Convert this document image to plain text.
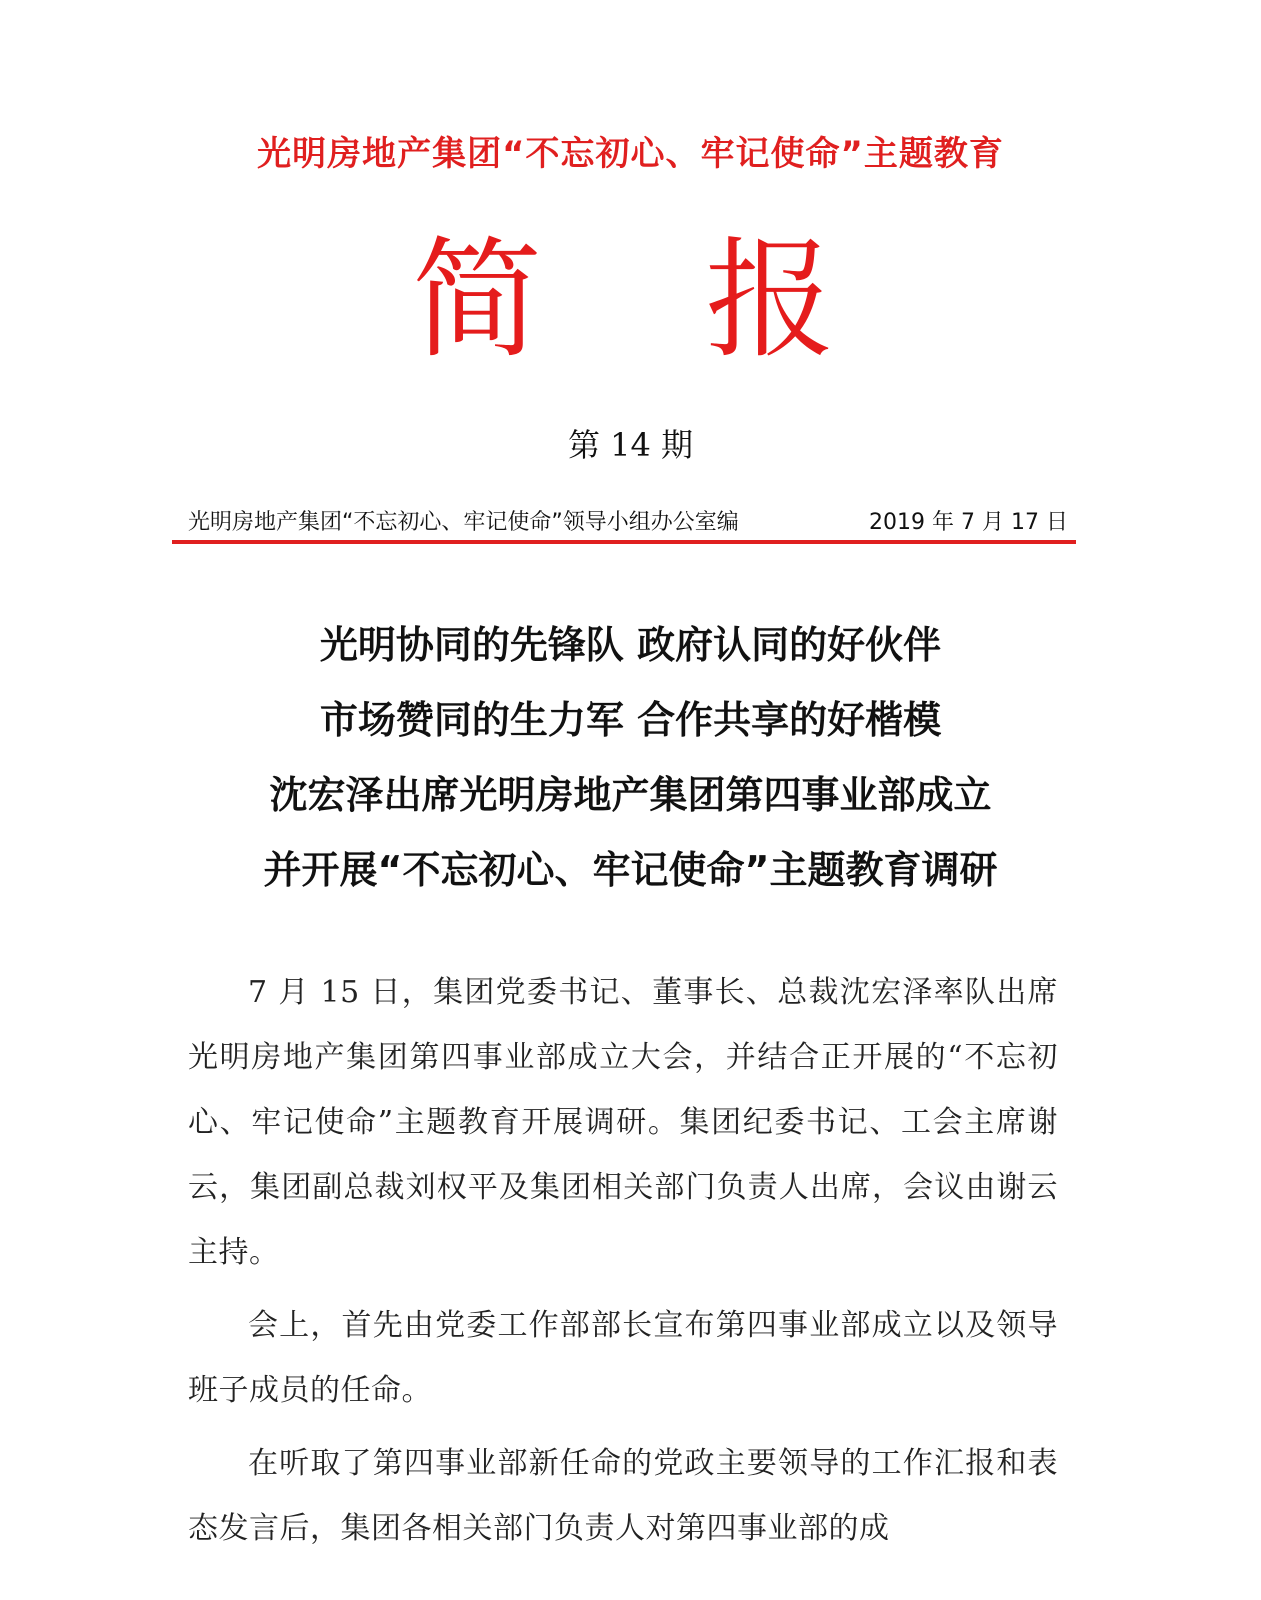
光明房地产集团“不忘初心、牢记使命”主题教育
简 报
第 14 期
光明房地产集团“不忘初心、牢记使命”领导小组办公室编	2019 年 7 月 17 日
光明协同的先锋队 政府认同的好伙伴
市场赞同的生力军 合作共享的好楷模
沈宏泽出席光明房地产集团第四事业部成立
并开展“不忘初心、牢记使命”主题教育调研

7 月 15 日，集团党委书记、董事长、总裁沈宏泽率队出席光明房地产集团第四事业部成立大会，并结合正开展的“不忘初心、牢记使命”主题教育开展调研。集团纪委书记、工会主席谢云，集团副总裁刘权平及集团相关部门负责人出席，会议由谢云主持。

会上，首先由党委工作部部长宣布第四事业部成立以及领导班子成员的任命。

在听取了第四事业部新任命的党政主要领导的工作汇报和表态发言后，集团各相关部门负责人对第四事业部的成
